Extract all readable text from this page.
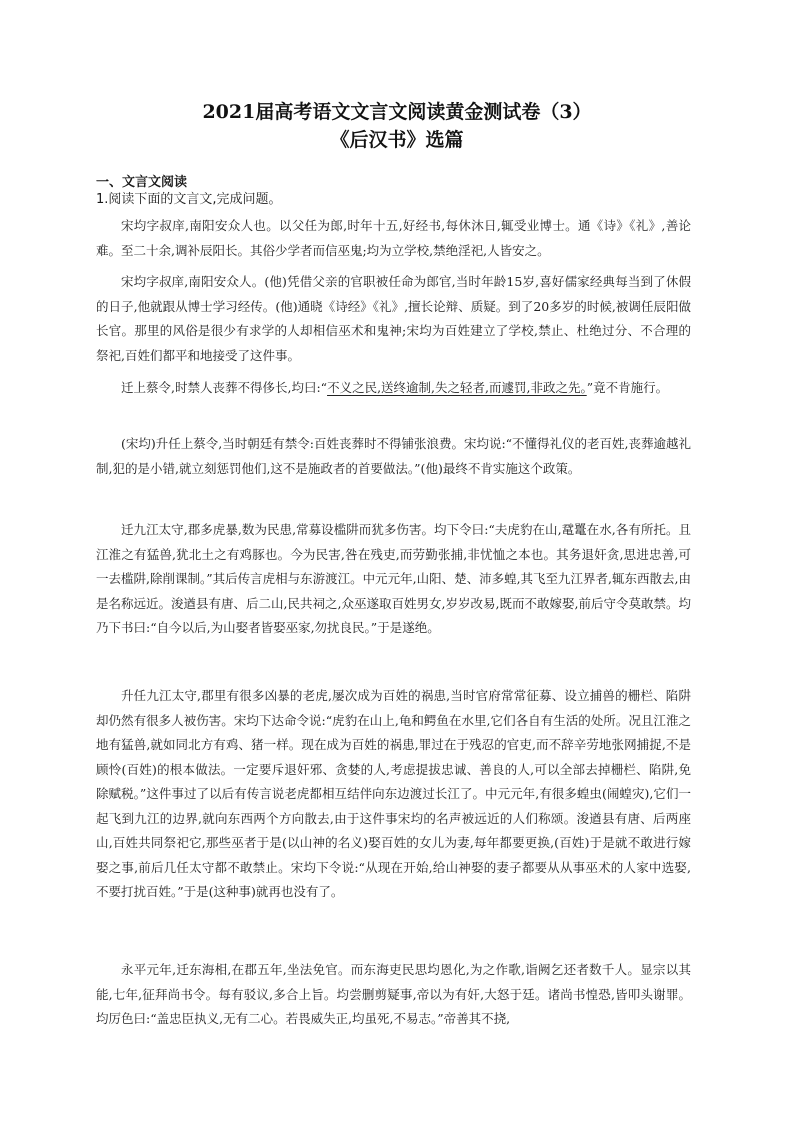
2021届高考语文文言文阅读黄金测试卷（3）
《后汉书》选篇
一、文言文阅读
1.阅读下面的文言文,完成问题。

宋均字叔庠,南阳安众人也。以父任为郎,时年十五,好经书,每休沐日,辄受业博士。通《诗》《礼》,善论难。至二十余,调补辰阳长。其俗少学者而信巫鬼;均为立学校,禁绝淫祀,人皆安之。

宋均字叔庠,南阳安众人。(他)凭借父亲的官职被任命为郎官,当时年龄15岁,喜好儒家经典每当到了休假的日子,他就跟从博士学习经传。(他)通晓《诗经》《礼》,擅长论辩、质疑。到了20多岁的时候,被调任辰阳做长官。那里的风俗是很少有求学的人却相信巫术和鬼神;宋均为百姓建立了学校,禁止、杜绝过分、不合理的祭祀,百姓们都平和地接受了这件事。

迁上蔡令,时禁人丧葬不得侈长,均曰:“不义之民,送终逾制,失之轻者,而遽罚,非政之先。”竟不肯施行。

(宋均)升任上蔡令,当时朝廷有禁令:百姓丧葬时不得铺张浪费。宋均说:“不懂得礼仪的老百姓,丧葬逾越礼制,犯的是小错,就立刻惩罚他们,这不是施政者的首要做法。”(他)最终不肯实施这个政策。

迁九江太守,郡多虎暴,数为民患,常募设槛阱而犹多伤害。均下令曰:“夫虎豹在山,鼋鼍在水,各有所托。且江淮之有猛兽,犹北土之有鸡豚也。今为民害,咎在残吏,而劳勤张捕,非忧恤之本也。其务退奸贪,思进忠善,可一去槛阱,除削课制。”其后传言虎相与东游渡江。中元元年,山阳、楚、沛多蝗,其飞至九江界者,辄东西散去,由是名称远近。浚遒县有唐、后二山,民共祠之,众巫遂取百姓男女,岁岁改易,既而不敢嫁娶,前后守令莫敢禁。均乃下书曰:“自今以后,为山娶者皆娶巫家,勿扰良民。”于是遂绝。

升任九江太守,郡里有很多凶暴的老虎,屡次成为百姓的祸患,当时官府常常征募、设立捕兽的栅栏、陷阱却仍然有很多人被伤害。宋均下达命令说:“虎豹在山上,龟和鳄鱼在水里,它们各自有生活的处所。况且江淮之地有猛兽,就如同北方有鸡、猪一样。现在成为百姓的祸患,罪过在于残忍的官吏,而不辞辛劳地张网捕捉,不是顾怜(百姓)的根本做法。一定要斥退奸邪、贪婪的人,考虑提拔忠诚、善良的人,可以全部去掉栅栏、陷阱,免除赋税。”这件事过了以后有传言说老虎都相互结伴向东边渡过长江了。中元元年,有很多蝗虫(闹蝗灾),它们一起飞到九江的边界,就向东西两个方向散去,由于这件事宋均的名声被远近的人们称颂。浚遒县有唐、后两座山,百姓共同祭祀它,那些巫者于是(以山神的名义)娶百姓的女儿为妻,每年都要更换,(百姓)于是就不敢进行嫁娶之事,前后几任太守都不敢禁止。宋均下令说:“从现在开始,给山神娶的妻子都要从从事巫术的人家中选娶,不要打扰百姓。”于是(这种事)就再也没有了。

永平元年,迁东海相,在郡五年,坐法免官。而东海吏民思均恩化,为之作歌,诣阙乞还者数千人。显宗以其能,七年,征拜尚书令。每有驳议,多合上旨。均尝删剪疑事,帝以为有奸,大怒于廷。诸尚书惶恐,皆叩头谢罪。均厉色曰:“盖忠臣执义,无有二心。若畏威失正,均虽死,不易志。”帝善其不挠,
